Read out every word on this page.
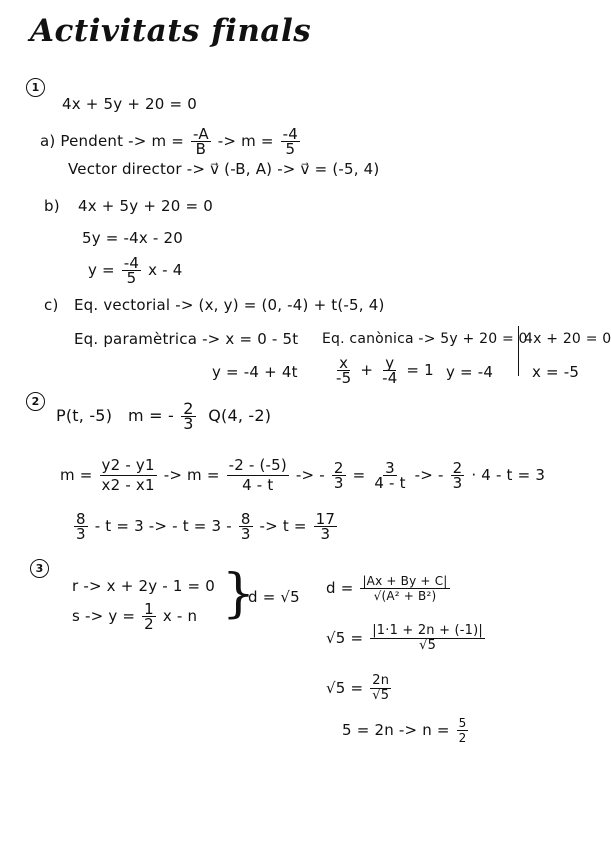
Activitats finals
1
4x + 5y + 20 = 0
a) Pendent -> $m = \frac{-A}{B} -> m = \frac{-4}{5}$
Vector director -> v⃗ (-B, A) -> v⃗ = (-5, 4)
b) 4x + 5y + 20 = 0
5y = -4x - 20
$y = \frac{-4}{5}$ x - 4
c) Eq. vectorial -> (x, y) = (0, -4) + t(-5, 4)
Eq. paramètrica -> x = 0 - 5t
y = -4 + 4t
Eq. canònica -> 5y + 20 = 0
$\frac{x}{-5} + \frac{y}{-4} = 1$ y = -4
4x + 20 = 0
x = -5
2
P(t, -5) m = - $\frac{2}{3} Q(4$, -2)
$m = \frac{y2 - y1}{x2 - x1} -> m = \frac{-2 - (-5)}{4 - t}$ -> - $\frac{2}{3} = \frac{3}{4 - t}$ -> - $\frac{2}{3} \cdot 4 - t = 3$
$\frac{8}{3} - t = 3$ -> - $t = 3 - \frac{8}{3} -> t = \frac{17}{3}$
3
r -> x + 2y - 1 = 0
$s -> y = \frac{1}{2}$ x - n }
d = √5 $d = \frac{|Ax + By + C|}{\text{√(A² + B²)}}$
$√5 = \frac{|1\cdot 1 + 2n + (-1)|}{√5}$
$√5 = \frac{2n}{√5}$
$5 = 2n -> n = \frac{5}{2}$
